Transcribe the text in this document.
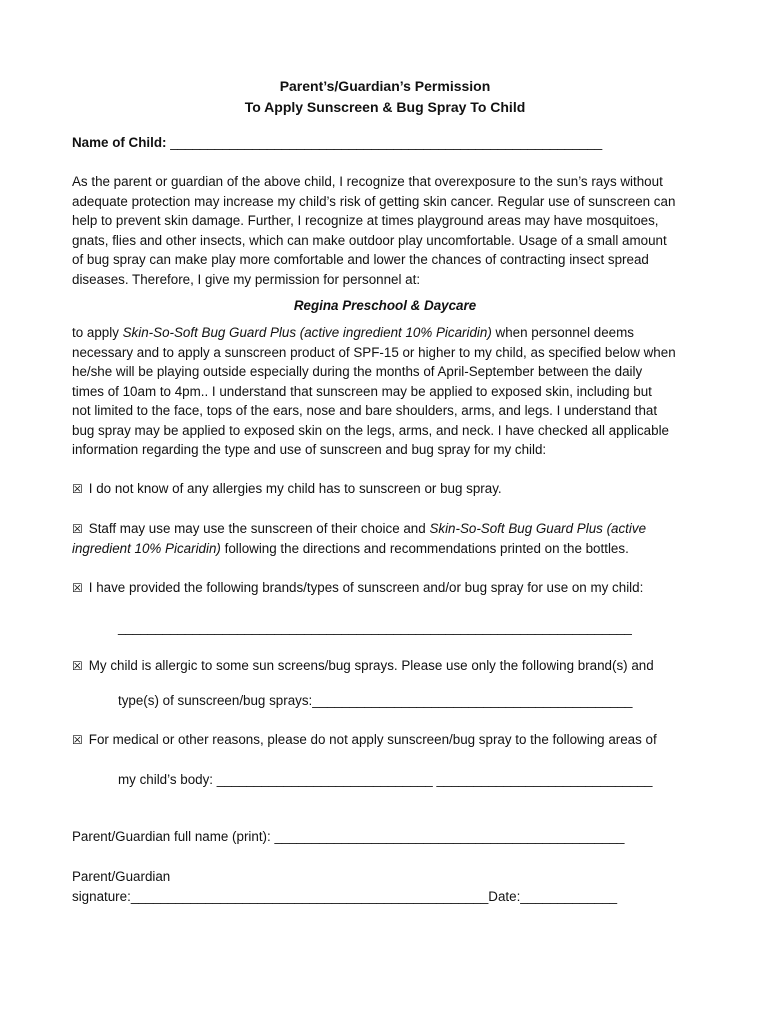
Parent’s/Guardian’s Permission
To Apply Sunscreen & Bug Spray To Child
Name of Child: __________________________________________________________
As the parent or guardian of the above child, I recognize that overexposure to the sun’s rays without
adequate protection may increase my child’s risk of getting skin cancer. Regular use of sunscreen can
help to prevent skin damage. Further, I recognize at times playground areas may have mosquitoes,
gnats, flies and other insects, which can make outdoor play uncomfortable. Usage of a small amount
of bug spray can make play more comfortable and lower the chances of contracting insect spread
diseases. Therefore, I give my permission for personnel at:
Regina Preschool & Daycare
to apply Skin-So-Soft Bug Guard Plus (active ingredient 10% Picaridin) when personnel deems
necessary and to apply a sunscreen product of SPF-15 or higher to my child, as specified below when
he/she will be playing outside especially during the months of April-September between the daily
times of 10am to 4pm.. I understand that sunscreen may be applied to exposed skin, including but
not limited to the face, tops of the ears, nose and bare shoulders, arms, and legs. I understand that
bug spray may be applied to exposed skin on the legs, arms, and neck. I have checked all applicable
information regarding the type and use of sunscreen and bug spray for my child:
☒ I do not know of any allergies my child has to sunscreen or bug spray.
☒ Staff may use may use the sunscreen of their choice and Skin-So-Soft Bug Guard Plus (active
ingredient 10% Picaridin) following the directions and recommendations printed on the bottles.
☒ I have provided the following brands/types of sunscreen and/or bug spray for use on my child:
_____________________________________________________________________
☒ My child is allergic to some sun screens/bug sprays. Please use only the following brand(s) and
type(s) of sunscreen/bug sprays:___________________________________________
☒ For medical or other reasons, please do not apply sunscreen/bug spray to the following areas of
my child’s body: _____________________________ _____________________________
Parent/Guardian full name (print): _______________________________________________
Parent/Guardian
signature:________________________________________________Date:_____________
